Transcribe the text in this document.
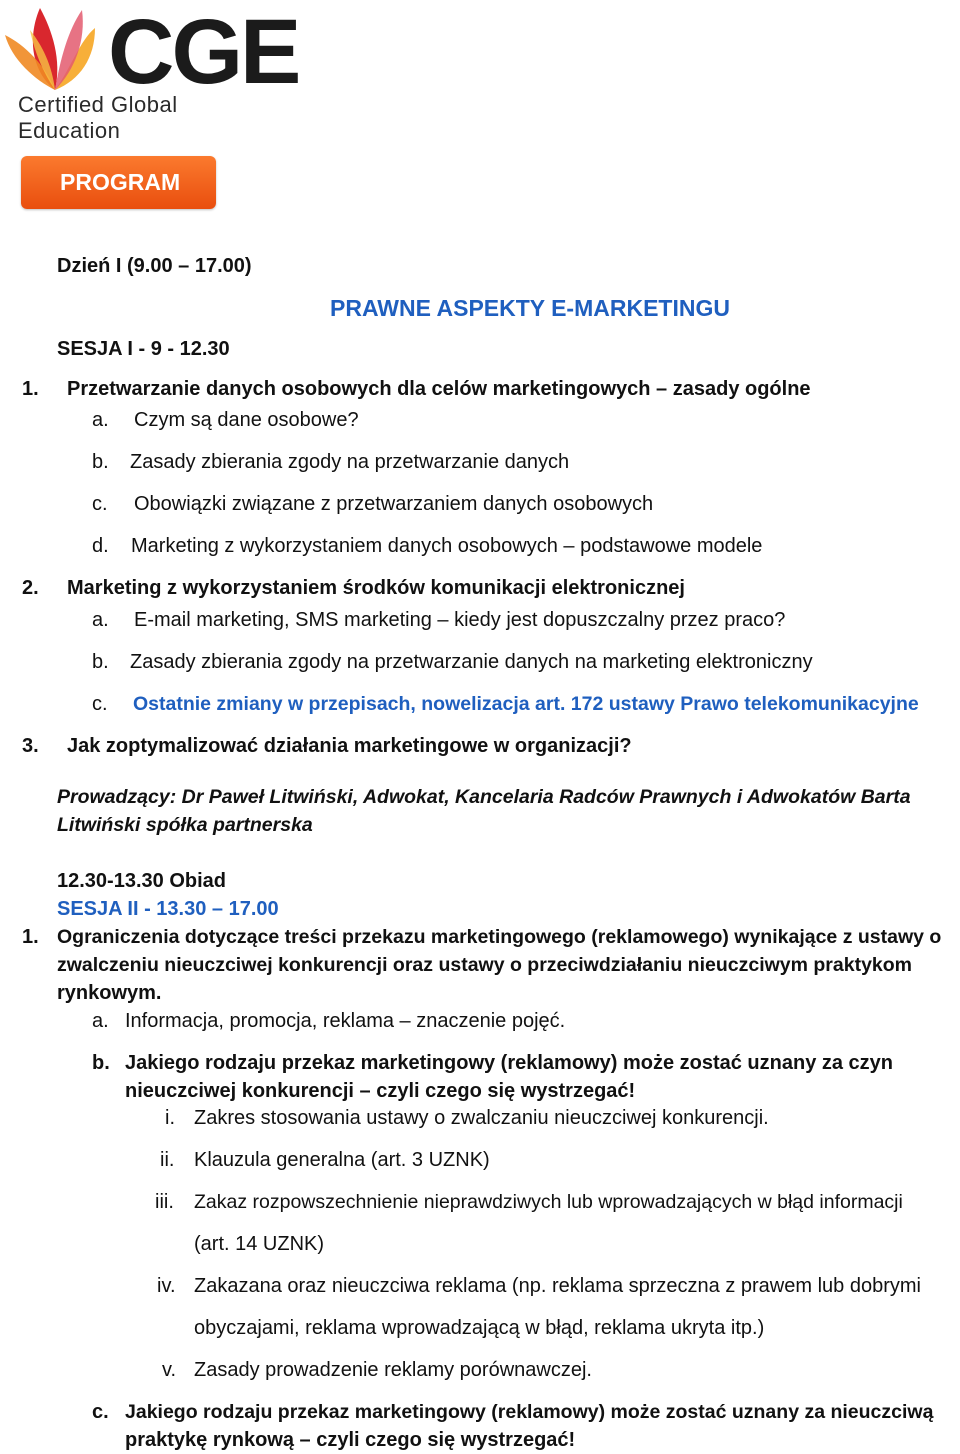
CGE
Certified Global Education
PROGRAM
Dzień I (9.00 – 17.00)
PRAWNE ASPEKTY E-MARKETINGU
SESJA I - 9 - 12.30
1. Przetwarzanie danych osobowych dla celów marketingowych – zasady ogólne
a. Czym są dane osobowe?
b. Zasady zbierania zgody na przetwarzanie danych
c. Obowiązki związane z przetwarzaniem danych osobowych
d. Marketing z wykorzystaniem danych osobowych – podstawowe modele
2. Marketing z wykorzystaniem środków komunikacji elektronicznej
a. E-mail marketing, SMS marketing – kiedy jest dopuszczalny przez praco?
b. Zasady zbierania zgody na przetwarzanie danych na marketing elektroniczny
c. Ostatnie zmiany w przepisach, nowelizacja art. 172 ustawy Prawo telekomunikacyjne
3. Jak zoptymalizować działania marketingowe w organizacji?
Prowadzący: Dr Paweł Litwiński, Adwokat, Kancelaria Radców Prawnych i Adwokatów Barta
Litwiński spółka partnerska
12.30-13.30 Obiad
SESJA II - 13.30 – 17.00
1. Ograniczenia dotyczące treści przekazu marketingowego (reklamowego) wynikające z ustawy o
zwalczeniu nieuczciwej konkurencji oraz ustawy o przeciwdziałaniu nieuczciwym praktykom
rynkowym.
a. Informacja, promocja, reklama – znaczenie pojęć.
b. Jakiego rodzaju przekaz marketingowy (reklamowy) może zostać uznany za czyn
nieuczciwej konkurencji – czyli czego się wystrzegać!
i. Zakres stosowania ustawy o zwalczaniu nieuczciwej konkurencji.
ii. Klauzula generalna (art. 3 UZNK)
iii. Zakaz rozpowszechnienie nieprawdziwych lub wprowadzających w błąd informacji
(art. 14 UZNK)
iv. Zakazana oraz nieuczciwa reklama (np. reklama sprzeczna z prawem lub dobrymi
obyczajami, reklama wprowadzającą w błąd, reklama ukryta itp.)
v. Zasady prowadzenie reklamy porównawczej.
c. Jakiego rodzaju przekaz marketingowy (reklamowy) może zostać uznany za nieuczciwą
praktykę rynkową – czyli czego się wystrzegać!
